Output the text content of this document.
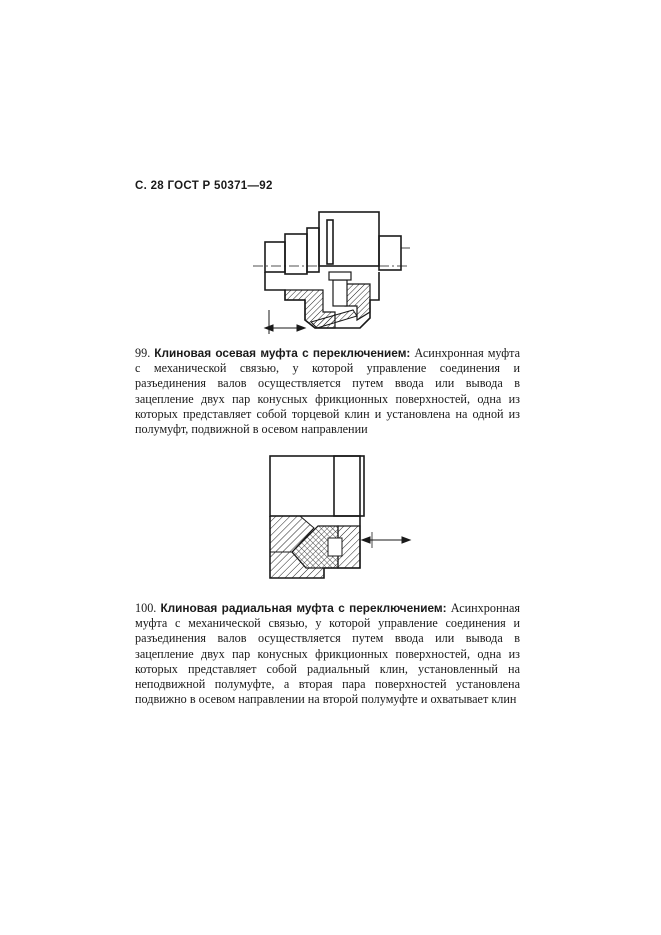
С. 28 ГОСТ Р 50371—92
99. Клиновая осевая муфта с переключением: Асинхронная муфта с механической связью, у которой управление соединения и разъединения валов осуществляется путем ввода или вывода в зацепление двух пар конусных фрикционных поверхностей, одна из которых представляет собой торцевой клин и установлена на одной из полумуфт, подвижной в осевом направлении
100. Клиновая радиальная муфта с переключением: Асинхронная муфта с механической связью, у которой управление соединения и разъединения валов осуществляется путем ввода или вывода в зацепление двух пар конусных фрикционных поверхностей, одна из которых представляет собой радиальный клин, установленный на неподвижной полумуфте, а вторая пара поверхностей установлена подвижно в осевом направлении на второй полумуфте и охватывает клин
